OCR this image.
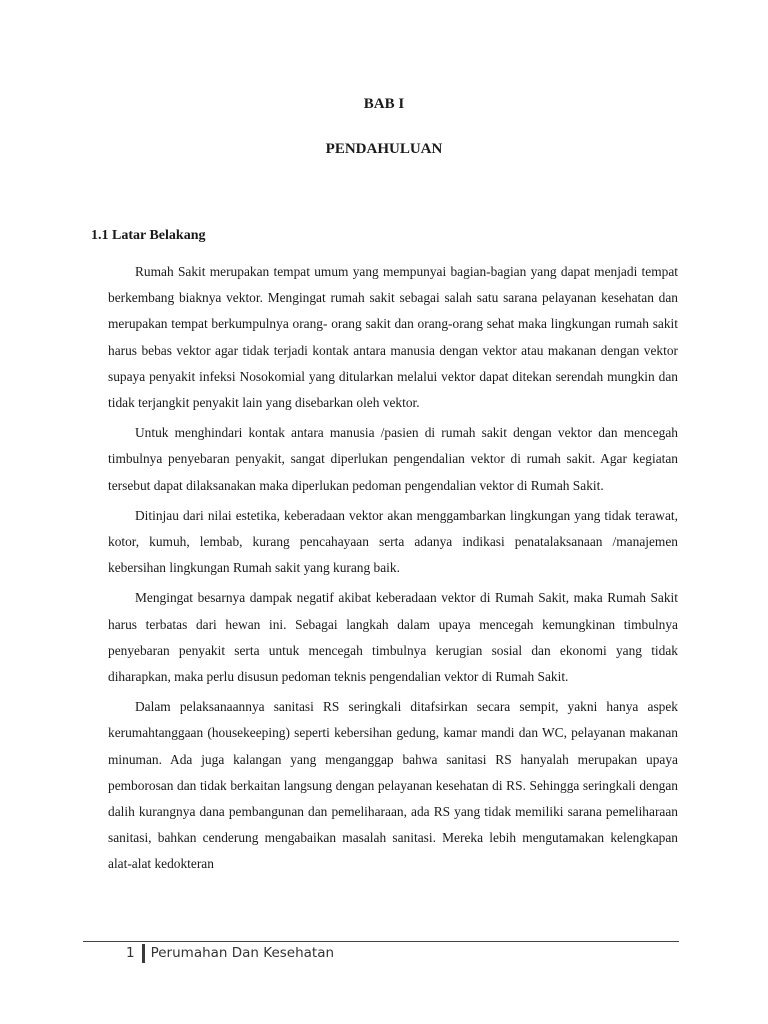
BAB I
PENDAHULUAN
1.1 Latar Belakang

Rumah Sakit merupakan tempat umum yang mempunyai bagian-bagian yang dapat menjadi tempat berkembang biaknya vektor. Mengingat rumah sakit sebagai salah satu sarana pelayanan kesehatan dan merupakan tempat berkumpulnya orang- orang sakit dan orang-orang sehat maka lingkungan rumah sakit harus bebas vektor agar tidak terjadi kontak antara manusia dengan vektor atau makanan dengan vektor supaya penyakit infeksi Nosokomial yang ditularkan melalui vektor dapat ditekan serendah mungkin dan tidak terjangkit penyakit lain yang disebarkan oleh vektor.

Untuk menghindari kontak antara manusia /pasien di rumah sakit dengan vektor dan mencegah timbulnya penyebaran penyakit, sangat diperlukan pengendalian vektor di rumah sakit. Agar kegiatan tersebut dapat dilaksanakan maka diperlukan pedoman pengendalian vektor di Rumah Sakit.

Ditinjau dari nilai estetika, keberadaan vektor akan menggambarkan lingkungan yang tidak terawat, kotor, kumuh, lembab, kurang pencahayaan serta adanya indikasi penatalaksanaan /manajemen kebersihan lingkungan Rumah sakit yang kurang baik.

Mengingat besarnya dampak negatif akibat keberadaan vektor di Rumah Sakit, maka Rumah Sakit harus terbatas dari hewan ini. Sebagai langkah dalam upaya mencegah kemungkinan timbulnya penyebaran penyakit serta untuk mencegah timbulnya kerugian sosial dan ekonomi yang tidak diharapkan, maka perlu disusun pedoman teknis pengendalian vektor di Rumah Sakit.

Dalam pelaksanaannya sanitasi RS seringkali ditafsirkan secara sempit, yakni hanya aspek kerumahtanggaan (housekeeping) seperti kebersihan gedung, kamar mandi dan WC, pelayanan makanan minuman. Ada juga kalangan yang menganggap bahwa sanitasi RS hanyalah merupakan upaya pemborosan dan tidak berkaitan langsung dengan pelayanan kesehatan di RS. Sehingga seringkali dengan dalih kurangnya dana pembangunan dan pemeliharaan, ada RS yang tidak memiliki sarana pemeliharaan sanitasi, bahkan cenderung mengabaikan masalah sanitasi. Mereka lebih mengutamakan kelengkapan alat-alat kedokteran

1 Perumahan Dan Kesehatan
